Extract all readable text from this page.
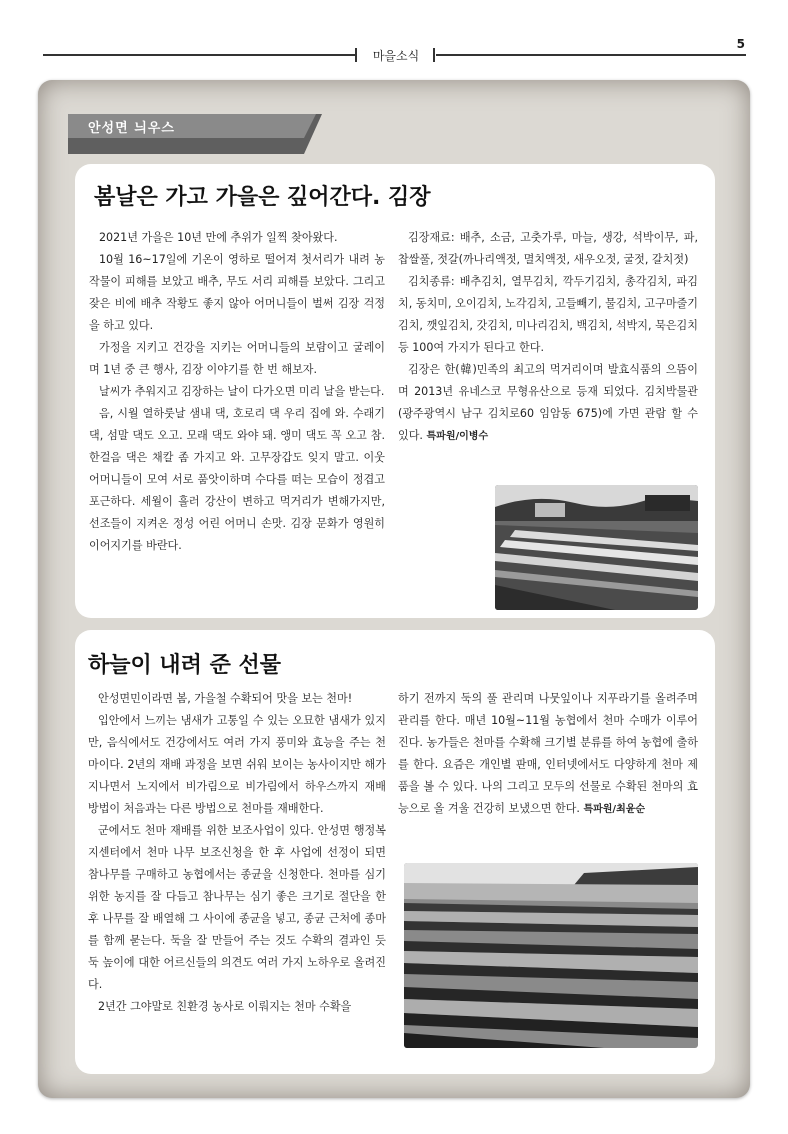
마을소식
5
안성면 늬우스
봄날은 가고 가을은 깊어간다. 김장

2021년 가을은 10년 만에 추위가 일찍 찾아왔다.

10월 16~17일에 기온이 영하로 떨어져 첫서리가 내려 농작물이 피해를 보았고 배추, 무도 서리 피해를 보았다. 그리고 잦은 비에 배추 작황도 좋지 않아 어머니들이 벌써 김장 걱정을 하고 있다.

가정을 지키고 건강을 지키는 어머니들의 보람이고 굴레이며 1년 중 큰 행사, 김장 이야기를 한 번 해보자.

날씨가 추워지고 김장하는 날이 다가오면 미리 날을 받는다.

음, 시월 열하룻날 샘내 댁, 호로리 댁 우리 집에 와. 수래기 댁, 섬말 댁도 오고. 모래 댁도 와야 돼. 앵미 댁도 꼭 오고 참. 한걸음 댁은 채칼 좀 가지고 와. 고무장갑도 잊지 말고. 이웃 어머니들이 모여 서로 품앗이하며 수다를 떠는 모습이 정겹고 포근하다. 세월이 흘러 강산이 변하고 먹거리가 변해가지만, 선조들이 지켜온 정성 어린 어머니 손맛. 김장 문화가 영원히 이어지기를 바란다.

김장재료: 배추, 소금, 고춧가루, 마늘, 생강, 석박이무, 파, 찹쌀풀, 젓갈(까나리액젓, 멸치액젓, 새우오젓, 굴젓, 갈치젓)

김치종류: 배추김치, 열무김치, 깍두기김치, 총각김치, 파김치, 동치미, 오이김치, 노각김치, 고들빼기, 물김치, 고구마줄기김치, 깻잎김치, 갓김치, 미나리김치, 백김치, 석박지, 묵은김치 등 100여 가지가 된다고 한다.

김장은 한(韓)민족의 최고의 먹거리이며 발효식품의 으뜸이며 2013년 유네스코 무형유산으로 등재 되었다. 김치박물관(광주광역시 남구 김치로60 임암동 675)에 가면 관람 할 수 있다. 특파원/이병수

하늘이 내려 준 선물

안성면민이라면 봄, 가을철 수확되어 맛을 보는 천마!

입안에서 느끼는 냄새가 고통일 수 있는 오묘한 냄새가 있지만, 음식에서도 건강에서도 여러 가지 풍미와 효능을 주는 천마이다. 2년의 재배 과정을 보면 쉬워 보이는 농사이지만 해가 지나면서 노지에서 비가림으로 비가림에서 하우스까지 재배 방법이 처음과는 다른 방법으로 천마를 재배한다.

군에서도 천마 재배를 위한 보조사업이 있다. 안성면 행정복지센터에서 천마 나무 보조신청을 한 후 사업에 선정이 되면 참나무를 구매하고 농협에서는 종균을 신청한다. 천마를 심기 위한 농지를 잘 다듬고 참나무는 심기 좋은 크기로 절단을 한 후 나무를 잘 배열해 그 사이에 종균을 넣고, 종균 근처에 종마를 함께 묻는다. 둑을 잘 만들어 주는 것도 수확의 결과인 듯 둑 높이에 대한 어르신들의 의견도 여러 가지 노하우로 올려진다.

2년간 그야말로 친환경 농사로 이뤄지는 천마 수확을

하기 전까지 둑의 풀 관리며 나뭇잎이나 지푸라기를 올려주며 관리를 한다. 매년 10월~11월 농협에서 천마 수매가 이루어진다. 농가들은 천마를 수확해 크기별 분류를 하여 농협에 출하를 한다. 요즘은 개인별 판매, 인터넷에서도 다양하게 천마 제품을 볼 수 있다. 나의 그리고 모두의 선물로 수확된 천마의 효능으로 올 겨울 건강히 보냈으면 한다. 특파원/최윤순
